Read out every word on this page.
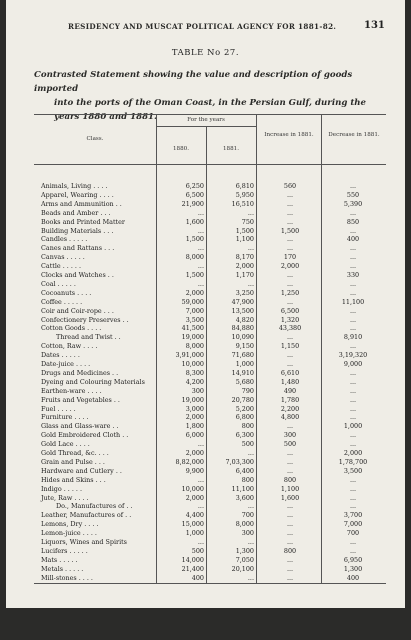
RESIDENCY AND MUSCAT POLITICAL AGENCY FOR 1881-82.	131
TABLE No 27.
Contrasted Statement showing the value and description of goods imported
into the ports of the Oman Coast, in the Persian Gulf, during the
years 1880 and 1881.
Class.
For the years
1880.	1881.
Increase in 1881.	Decrease in 1881.
Animals, Living . . . .	6,250	6,810	560	...
Apparel, Wearing . . . .	6,500	5,950	...	550
Arms and Ammunition . .	21,900	16,510	...	5,390
Beads and Amber . . .	...	...	...	...
Books and Printed Matter	1,600	750	...	850
Building Materials . . .	...	1,500	1,500	...
Candles . . . . .	1,500	1,100	...	400
Canes and Rattans . . .	...	...	...	...
Canvas . . . . .	8,000	8,170	170	...
Cattle . . . . .	...	2,000	2,000	...
Clocks and Watches . .	1,500	1,170	...	330
Coal . . . . .	...	...	...	...
Cocoanuts . . . .	2,000	3,250	1,250	...
Coffee . . . . .	59,000	47,900	...	11,100
Coir and Coir-rope . . .	7,000	13,500	6,500	...
Confectionery Preserves . .	3,500	4,820	1,320	...
Cotton Goods . . . .	41,500	84,880	43,380	...
Thread and Twist . .	19,000	10,090	...	8,910
Cotton, Raw . . . .	8,000	9,150	1,150	...
Dates . . . . .	3,91,000	71,680	...	3,19,320
Date-juice . . . .	10,000	1,000	...	9,000
Drugs and Medicines . .	8,300	14,910	6,610	...
Dyeing and Colouring Materials	4,200	5,680	1,480	...
Earthen-ware . . . .	300	790	490	...
Fruits and Vegetables . .	19,000	20,780	1,780	...
Fuel . . . . .	3,000	5,200	2,200	...
Furniture . . . .	2,000	6,800	4,800	...
Glass and Glass-ware . .	1,800	800	...	1,000
Gold Embroidered Cloth . .	6,000	6,300	300	...
Gold Lace . . . .	...	500	500	...
Gold Thread, &c. . . .	2,000	...	...	2,000
Grain and Pulse . . .	8,82,000	7,03,300	...	1,78,700
Hardware and Cutlery . .	9,900	6,400	...	3,500
Hides and Skins . . .	...	800	800	...
Indigo . . . . .	10,000	11,100	1,100	...
Jute, Raw . . . .	2,000	3,600	1,600	...
Do., Manufactures of . .	...	...	...	...
Leather, Manufactures of . .	4,400	700	...	3,700
Lemons, Dry . . . .	15,000	8,000	...	7,000
Lemon-juice . . . .	1,000	300	...	700
Liquors, Wines and Spirits	...	...	...	...
Lucifers . . . . .	500	1,300	800	...
Mats . . . . .	14,000	7,050	...	6,950
Metals . . . . .	21,400	20,100	...	1,300
Mill-stones . . . .	400	...	...	400
